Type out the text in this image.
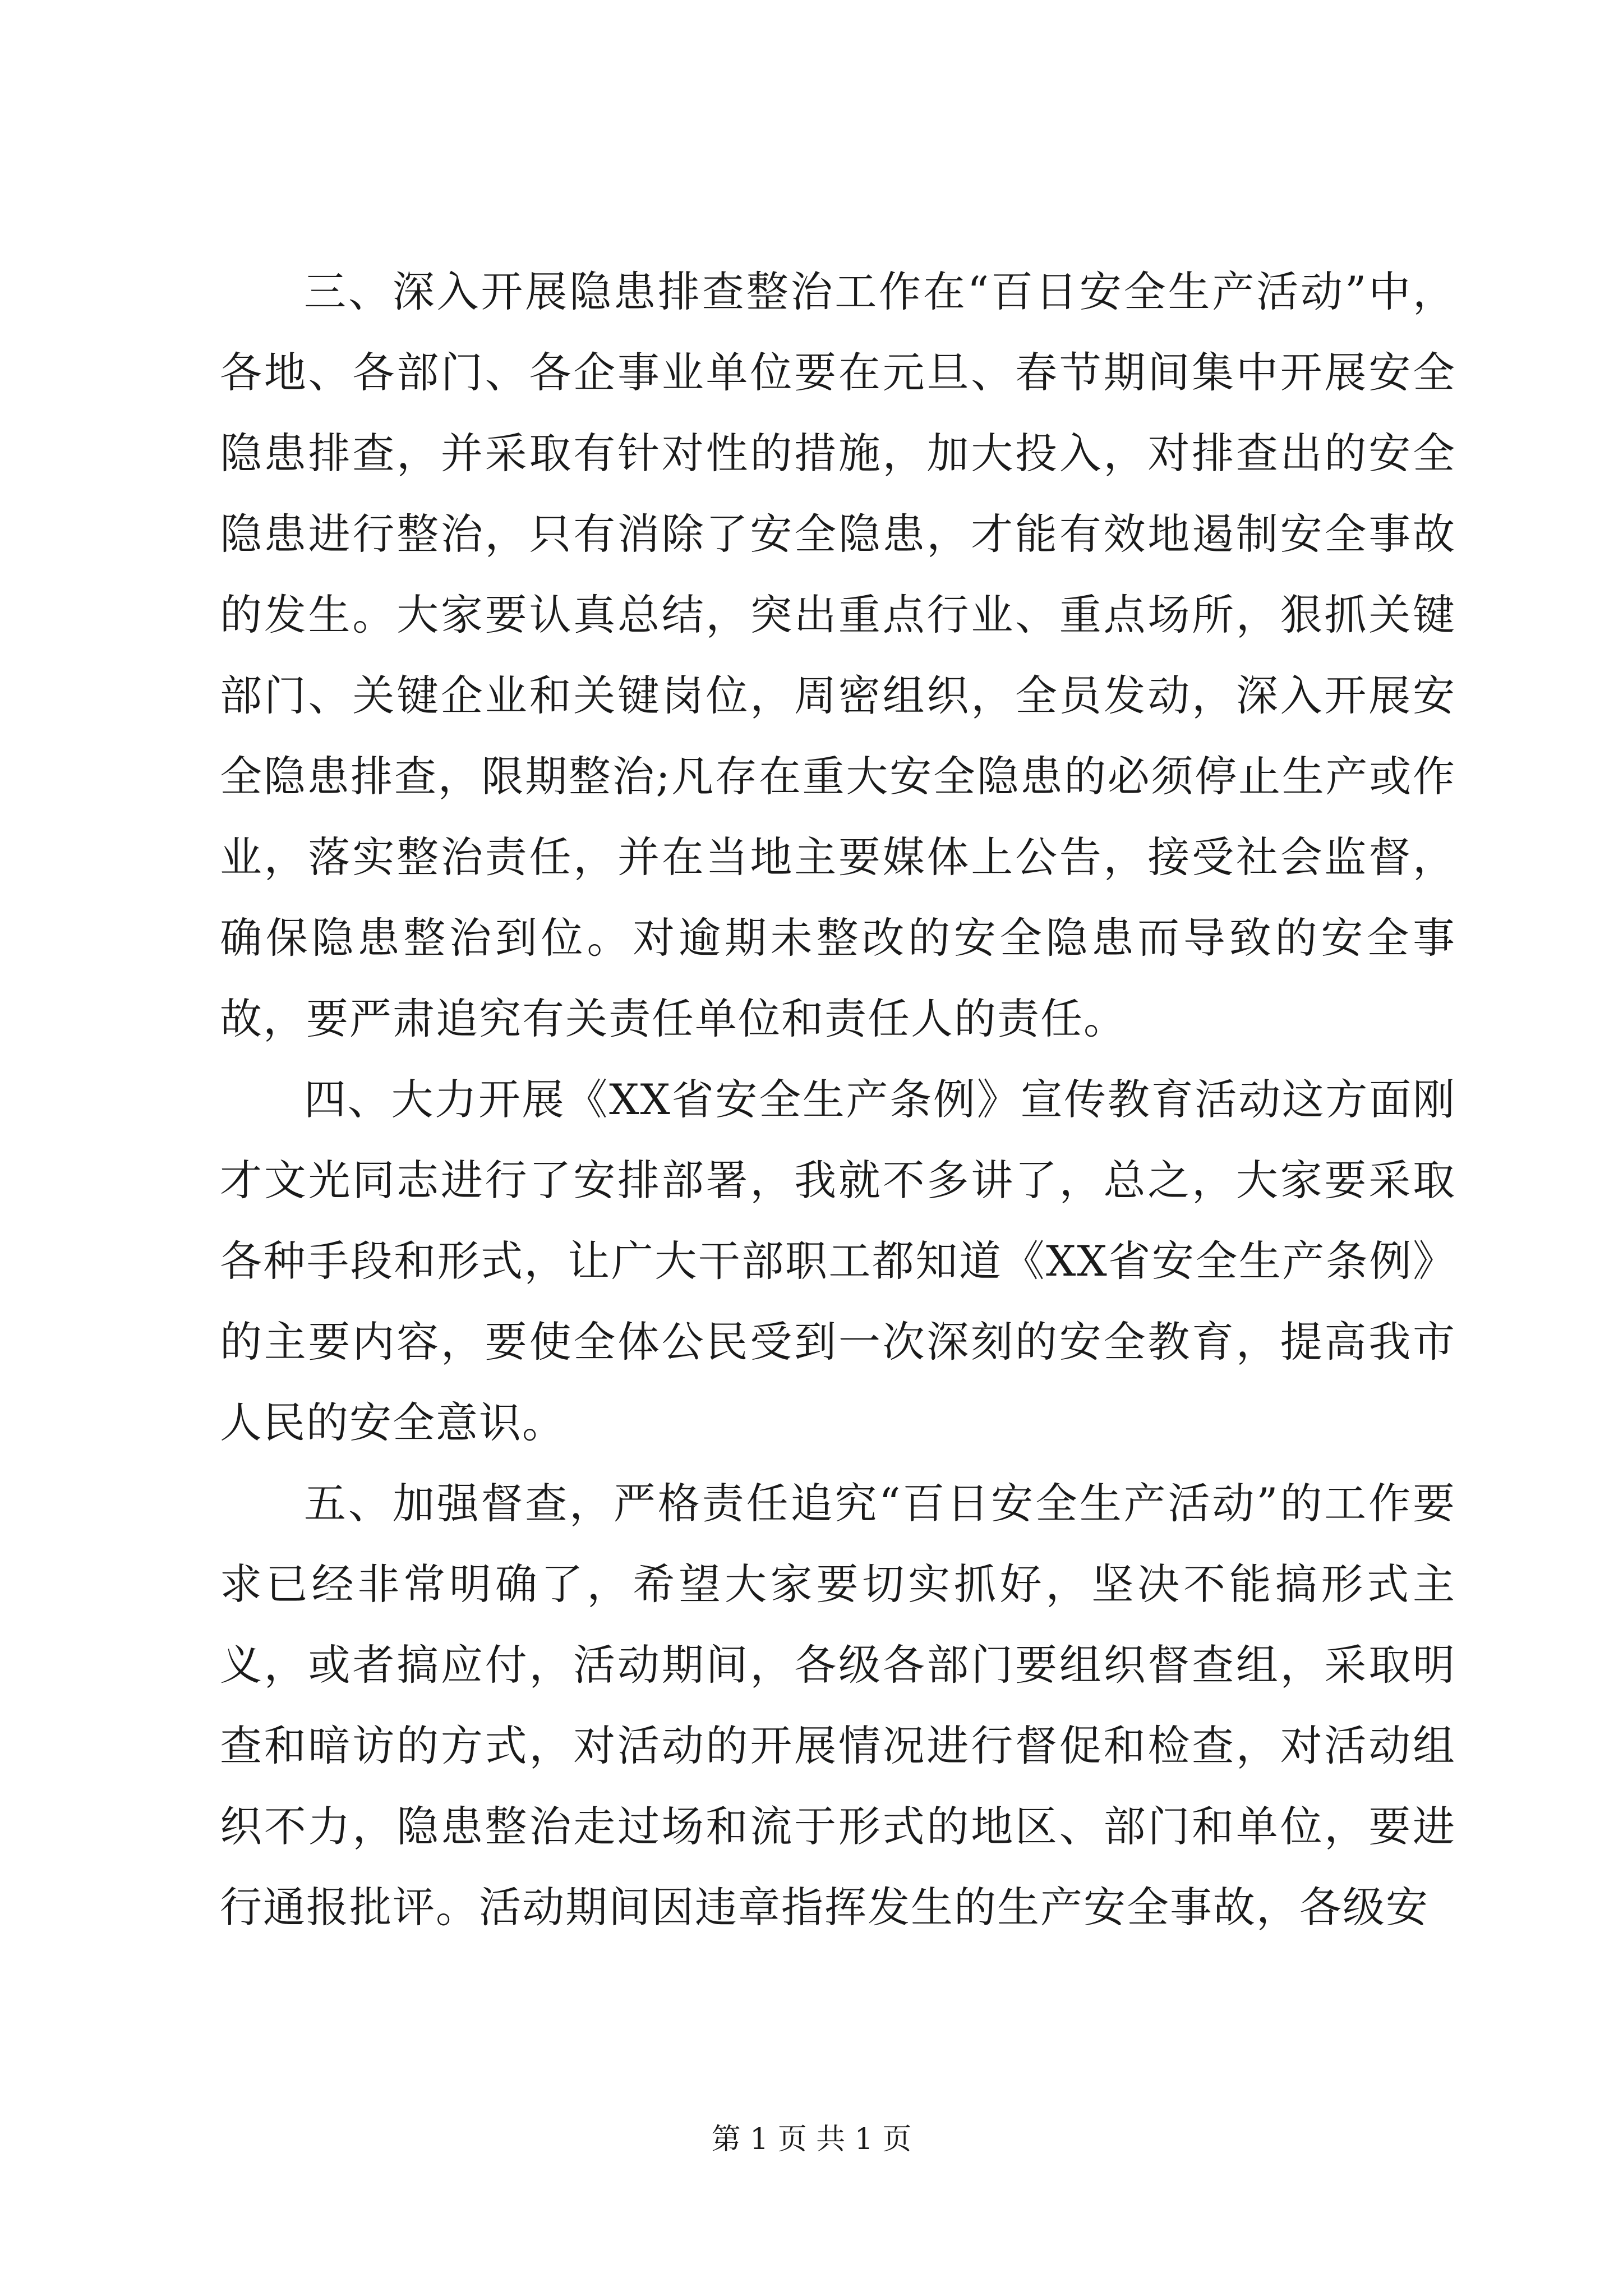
三、深入开展隐患排查整治工作在“百日安全生产活动”中，各地、各部门、各企事业单位要在元旦、春节期间集中开展安全隐患排查，并采取有针对性的措施，加大投入，对排查出的安全隐患进行整治，只有消除了安全隐患，才能有效地遏制安全事故的发生。大家要认真总结，突出重点行业、重点场所，狠抓关键部门、关键企业和关键岗位，周密组织，全员发动，深入开展安全隐患排查，限期整治;凡存在重大安全隐患的必须停止生产或作业，落实整治责任，并在当地主要媒体上公告，接受社会监督，确保隐患整治到位。对逾期未整改的安全隐患而导致的安全事故，要严肃追究有关责任单位和责任人的责任。

四、大力开展《XX省安全生产条例》宣传教育活动这方面刚才文光同志进行了安排部署，我就不多讲了，总之，大家要采取各种手段和形式，让广大干部职工都知道《XX省安全生产条例》的主要内容，要使全体公民受到一次深刻的安全教育，提高我市人民的安全意识。

五、加强督查，严格责任追究“百日安全生产活动”的工作要求已经非常明确了，希望大家要切实抓好，坚决不能搞形式主义，或者搞应付，活动期间，各级各部门要组织督查组，采取明查和暗访的方式，对活动的开展情况进行督促和检查，对活动组织不力，隐患整治走过场和流于形式的地区、部门和单位，要进行通报批评。活动期间因违章指挥发生的生产安全事故，各级安

第 1 页 共 1 页
